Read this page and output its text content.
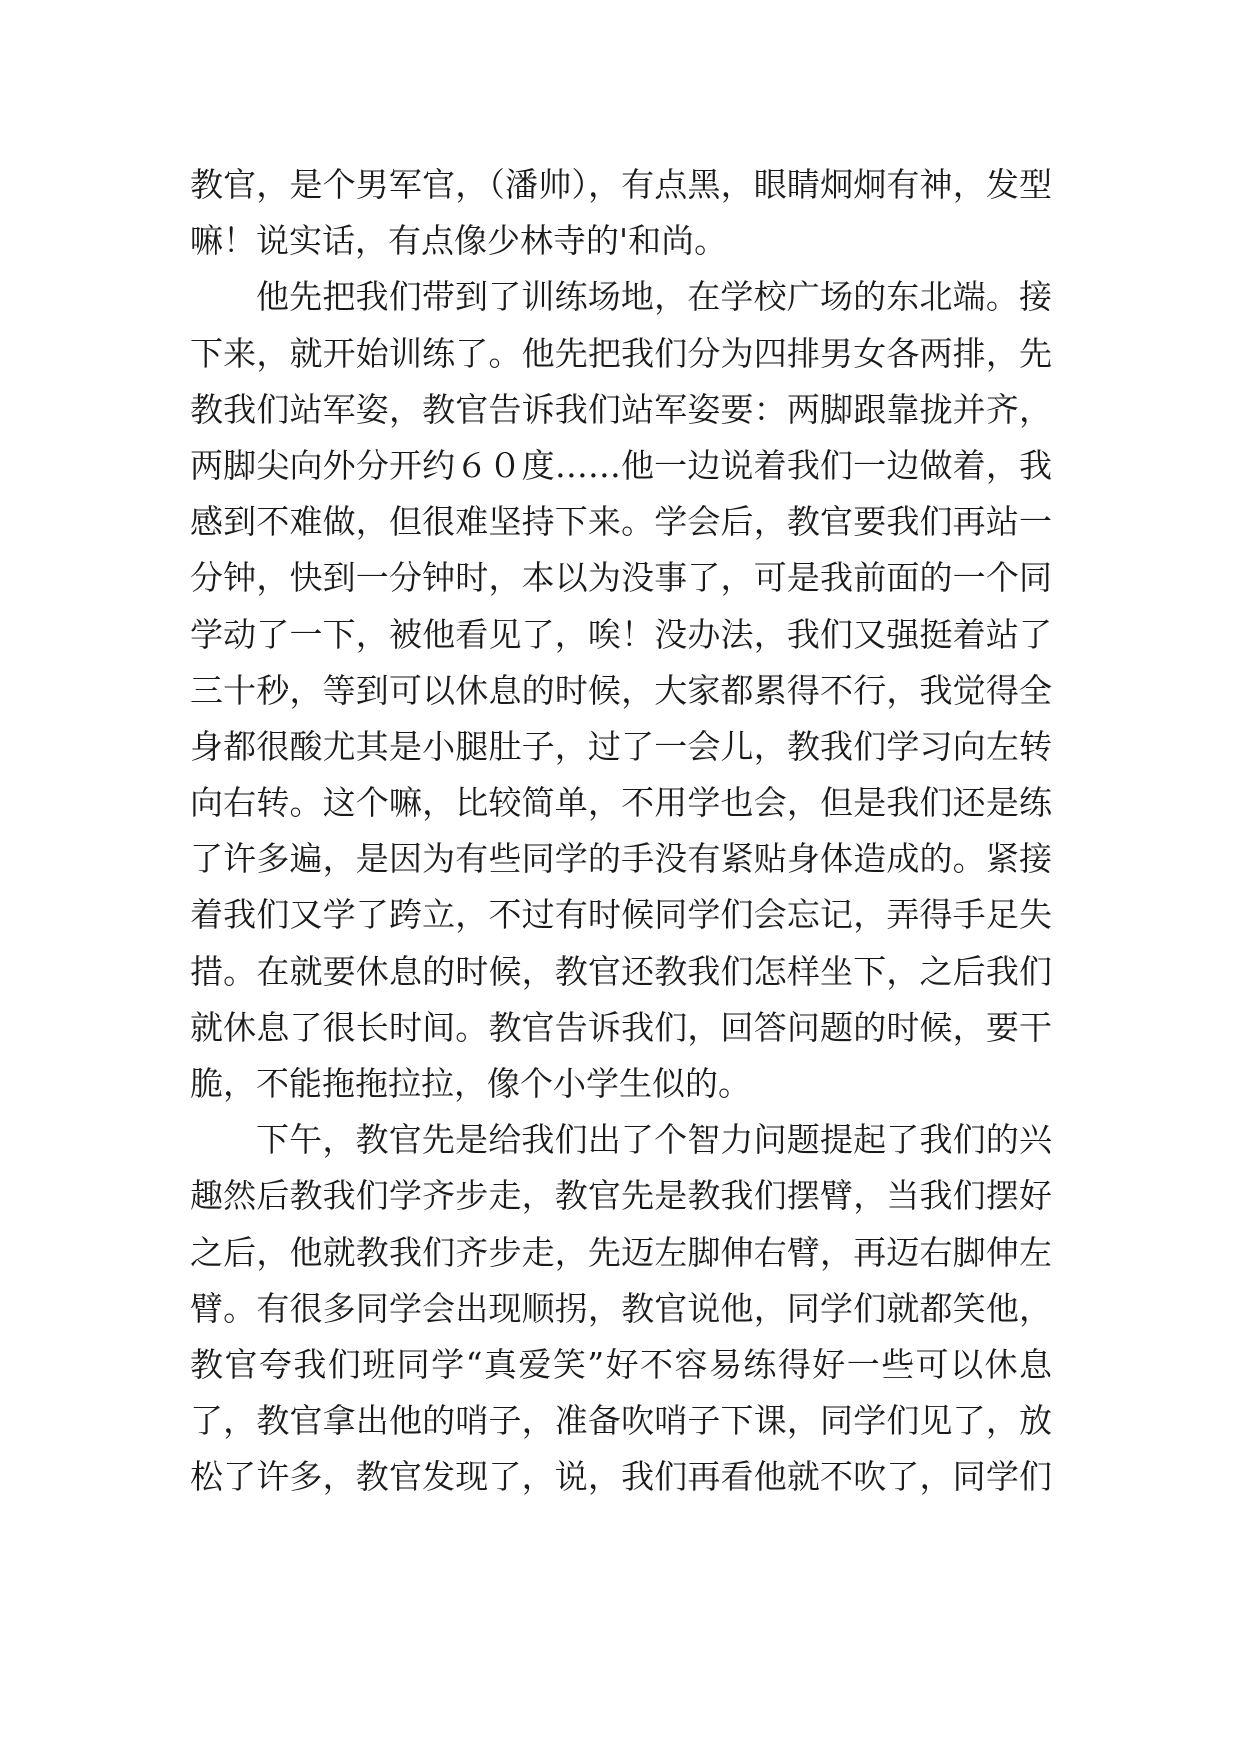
教官，是个男军官，（潘帅），有点黑，眼睛炯炯有神，发型
嘛！说实话，有点像少林寺的'和尚。
他先把我们带到了训练场地，在学校广场的东北端。接
下来，就开始训练了。他先把我们分为四排男女各两排，先
教我们站军姿，教官告诉我们站军姿要：两脚跟靠拢并齐，
两脚尖向外分开约６０度……他一边说着我们一边做着，我
感到不难做，但很难坚持下来。学会后，教官要我们再站一
分钟，快到一分钟时，本以为没事了，可是我前面的一个同
学动了一下，被他看见了，唉！没办法，我们又强挺着站了
三十秒，等到可以休息的时候，大家都累得不行，我觉得全
身都很酸尤其是小腿肚子，过了一会儿，教我们学习向左转
向右转。这个嘛，比较简单，不用学也会，但是我们还是练
了许多遍，是因为有些同学的手没有紧贴身体造成的。紧接
着我们又学了跨立，不过有时候同学们会忘记，弄得手足失
措。在就要休息的时候，教官还教我们怎样坐下，之后我们
就休息了很长时间。教官告诉我们，回答问题的时候，要干
脆，不能拖拖拉拉，像个小学生似的。
下午，教官先是给我们出了个智力问题提起了我们的兴
趣然后教我们学齐步走，教官先是教我们摆臂，当我们摆好
之后，他就教我们齐步走，先迈左脚伸右臂，再迈右脚伸左
臂。有很多同学会出现顺拐，教官说他，同学们就都笑他，
教官夸我们班同学“真爱笑”好不容易练得好一些可以休息
了，教官拿出他的哨子，准备吹哨子下课，同学们见了，放
松了许多，教官发现了，说，我们再看他就不吹了，同学们
